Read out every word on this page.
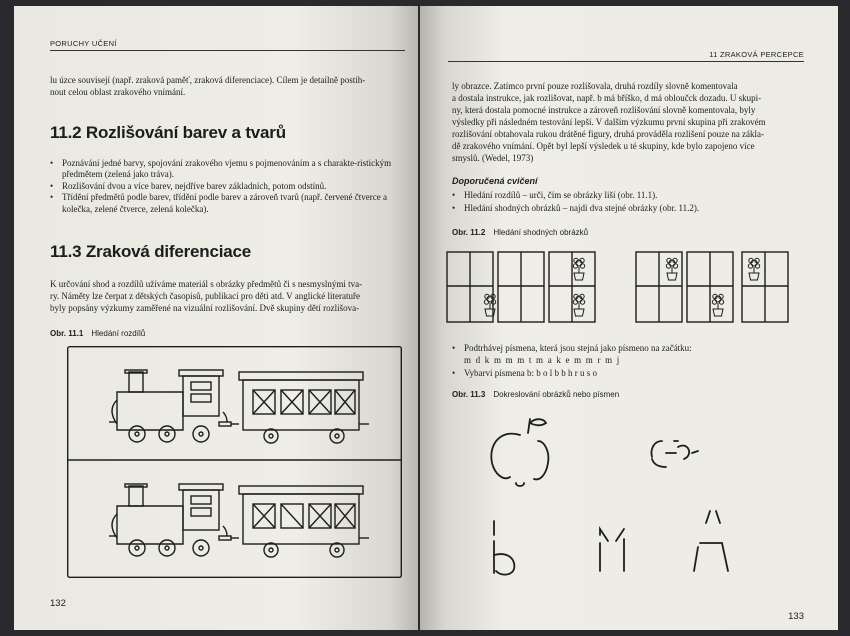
PORUCHY UČENÍ
lu úzce souvisejí (např. zraková paměť, zraková diferenciace). Cílem je detailně postih-
nout celou oblast zrakového vnímání.
11.2 Rozlišování barev a tvarů
• Poznávání jedné barvy, spojování zrakového vjemu s pojmenováním a s charakte-ristickým předmětem (zelená jako tráva).
• Rozlišování dvou a více barev, nejdříve barev základních, potom odstínů.
• Třídění předmětů podle barev, třídění podle barev a zároveň tvarů (např. červené čtverce a kolečka, zelené čtverce, zelená kolečka).
11.3 Zraková diferenciace
K určování shod a rozdílů užíváme materiál s obrázky předmětů či s nesmyslnými tva-
ry. Náměty lze čerpat z dětských časopisů, publikací pro děti atd. V anglické literatuře
byly popsány výzkumy zaměřené na vizuální rozlišování. Dvě skupiny dětí rozlišova-
Obr. 11.1 Hledání rozdílů
132
11 ZRAKOVÁ PERCEPCE
ly obrazce. Zatímco první pouze rozlišovala, druhá rozdíly slovně komentovala
a dostala instrukce, jak rozlišovat, např. b má bříško, d má obloučck dozadu. U skupi-
ny, která dostala pomocné instrukce a zároveň rozlišování slovně komentovala, byly
výsledky při následném testování lepší. V dalším výzkumu první skupina při zrakovém
rozlišování obtahovala rukou drátěné figury, druhá prováděla rozlišení pouze na zákla-
dě zrakového vnímání. Opět byl lepší výsledek u té skupiny, kde bylo zapojeno více
smyslů. (Wedel, 1973)
Doporučená cvičení
• Hledání rozdílů – urči, čím se obrázky liší (obr. 11.1).
• Hledání shodných obrázků – najdi dva stejné obrázky (obr. 11.2).
Obr. 11.2 Hledání shodných obrázků
• Podtrhávej písmena, která jsou stejná jako písmeno na začátku:
m d k m m m t m a k e m m r m j
• Vybarvi písmena b: b o l b b h r u s o
Obr. 11.3 Dokreslování obrázků nebo písmen
133
